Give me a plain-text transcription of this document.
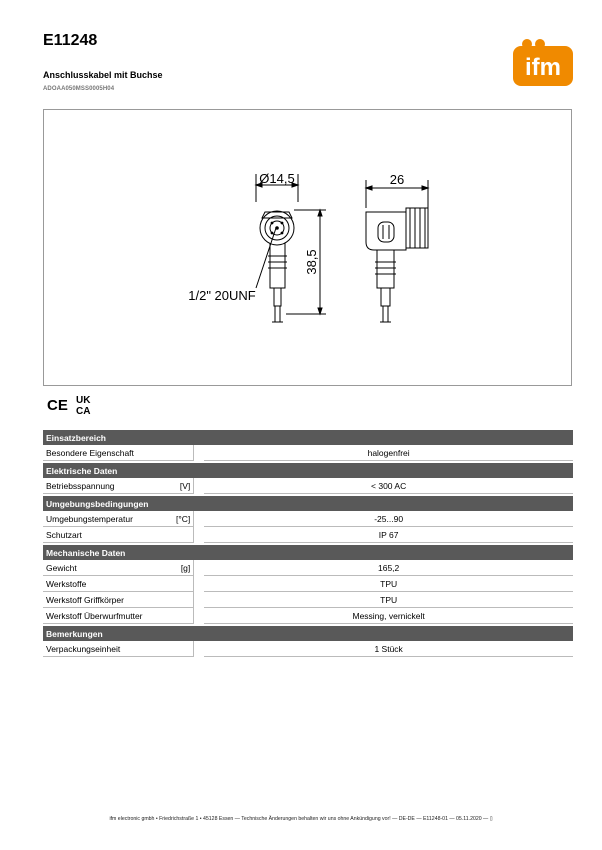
E11248
Anschlusskabel mit Buchse
ADOAA050MSS0005H04
ifm
Ø14,5
38,5
1/2" 20UNF
26
CE UK
CA
Einsatzbereich			
Besondere Eigenschaft			halogenfrei

Elektrische Daten			
Betriebsspannung	[V]		< 300 AC

Umgebungsbedingungen			
Umgebungstemperatur	[°C]		-25...90
Schutzart			IP 67

Mechanische Daten			
Gewicht	[g]		165,2
Werkstoffe			TPU
Werkstoff Griffkörper			TPU
Werkstoff Überwurfmutter			Messing, vernickelt

Bemerkungen			
Verpackungseinheit			1 Stück
ifm electronic gmbh • Friedrichstraße 1 • 45128 Essen — Technische Änderungen behalten wir uns ohne Ankündigung vor! — DE-DE — E11248-01 — 05.11.2020 — ▯
